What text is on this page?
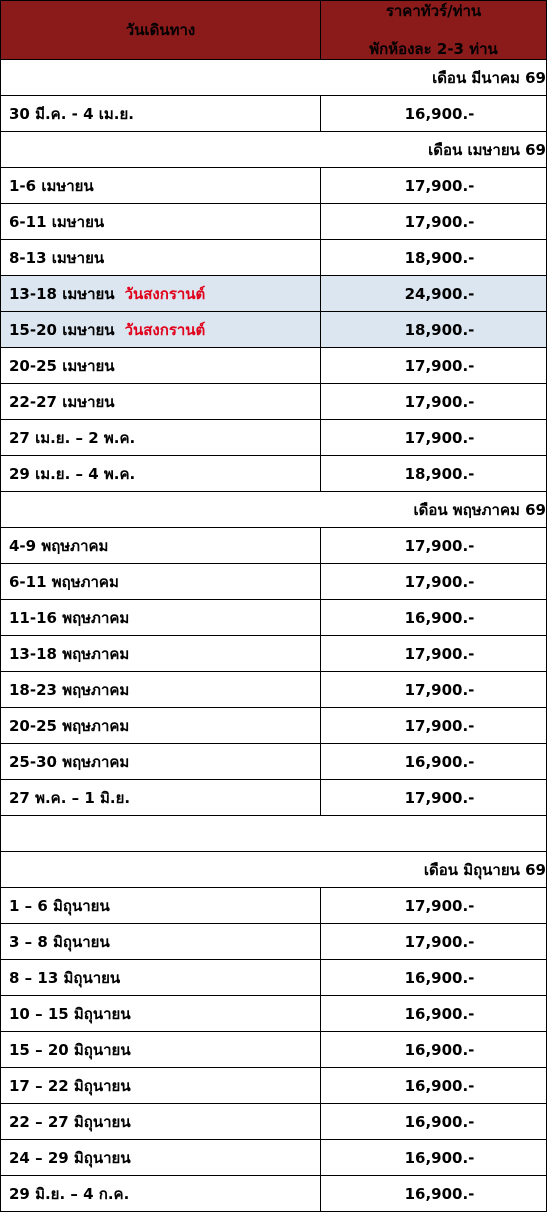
วันเดินทาง	ราคาทัวร์/ท่าน
พักห้องละ 2-3 ท่าน

เดือน มีนาคม 69	
30 มี.ค. - 4 เม.ย.	16,900.-
เดือน เมษายน 69	
1-6 เมษายน	17,900.-
6-11 เมษายน	17,900.-
8-13 เมษายน	18,900.-
13-18 เมษายน วันสงกรานต์	24,900.-
15-20 เมษายน วันสงกรานต์	18,900.-
20-25 เมษายน	17,900.-
22-27 เมษายน	17,900.-
27 เม.ย. – 2 พ.ค.	17,900.-
29 เม.ย. – 4 พ.ค.	18,900.-
เดือน พฤษภาคม 69	
4-9 พฤษภาคม	17,900.-
6-11 พฤษภาคม	17,900.-
11-16 พฤษภาคม	16,900.-
13-18 พฤษภาคม	17,900.-
18-23 พฤษภาคม	17,900.-
20-25 พฤษภาคม	17,900.-
25-30 พฤษภาคม	16,900.-
27 พ.ค. – 1 มิ.ย.	17,900.-

เดือน มิถุนายน 69	
1 – 6 มิถุนายน	17,900.-
3 – 8 มิถุนายน	17,900.-
8 – 13 มิถุนายน	16,900.-
10 – 15 มิถุนายน	16,900.-
15 – 20 มิถุนายน	16,900.-
17 – 22 มิถุนายน	16,900.-
22 – 27 มิถุนายน	16,900.-
24 – 29 มิถุนายน	16,900.-
29 มิ.ย. – 4 ก.ค.	16,900.-
